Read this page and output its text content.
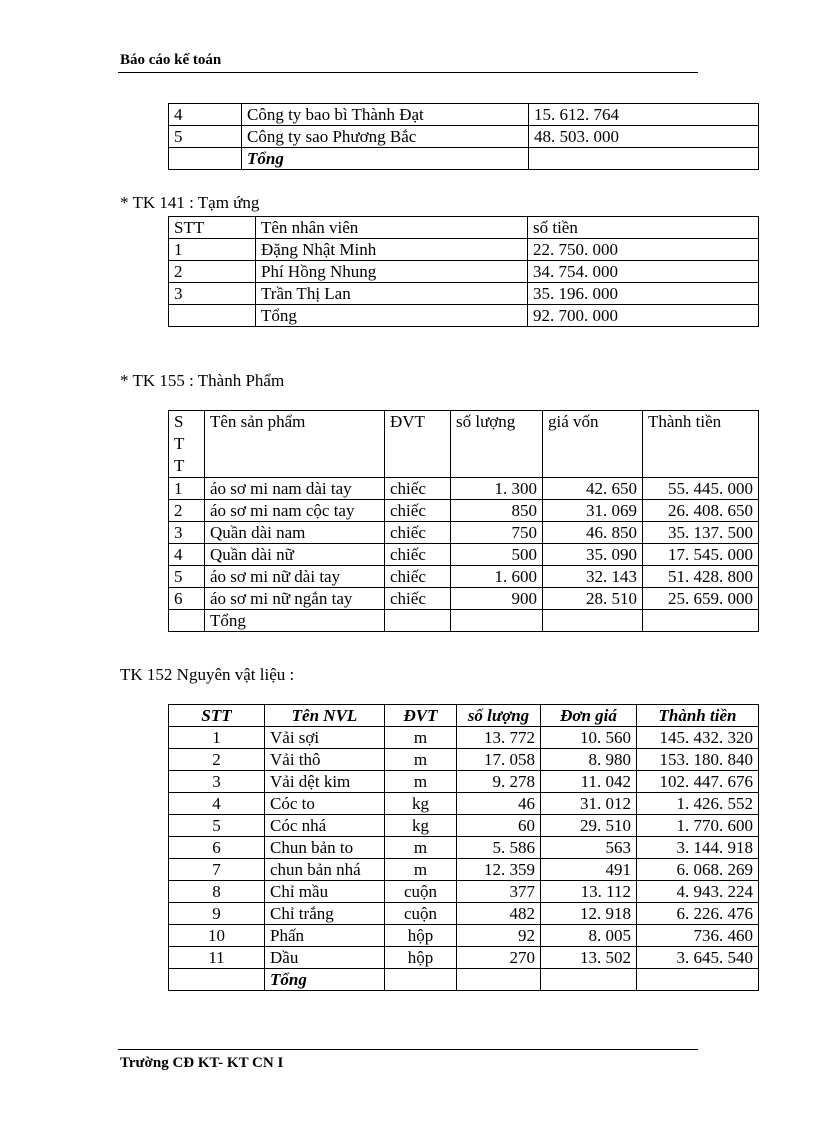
Báo cáo kế toán
4	Công ty bao bì Thành Đạt	15. 612. 764
5	Công ty sao Phương Bắc	48. 503. 000
	Tổng	
* TK 141 : Tạm ứng
STT	Tên nhân viên	số tiền
1	Đặng Nhật Minh	22. 750. 000
2	Phí Hồng Nhung	34. 754. 000
3	Trần Thị Lan	35. 196. 000
	Tổng	92. 700. 000
* TK 155 : Thành Phẩm
S
T
T	Tên sản phẩm	ĐVT	số lượng	giá vốn	Thành tiền
1	áo sơ mi nam dài tay	chiếc	1. 300	42. 650	55. 445. 000
2	áo sơ mi nam cộc tay	chiếc	850	31. 069	26. 408. 650
3	Quần dài nam	chiếc	750	46. 850	35. 137. 500
4	Quần dài nữ	chiếc	500	35. 090	17. 545. 000
5	áo sơ mi nữ dài tay	chiếc	1. 600	32. 143	51. 428. 800
6	áo sơ mi nữ ngắn tay	chiếc	900	28. 510	25. 659. 000
	Tổng				
TK 152 Nguyên vật liệu :
STT	Tên NVL	ĐVT	số lượng	Đơn giá	Thành tiền
1	Vải sợi	m	13. 772	10. 560	145. 432. 320
2	Vải thô	m	17. 058	8. 980	153. 180. 840
3	Vải dệt kim	m	9. 278	11. 042	102. 447. 676
4	Cóc to	kg	46	31. 012	1. 426. 552
5	Cóc nhá	kg	60	29. 510	1. 770. 600
6	Chun bản to	m	5. 586	563	3. 144. 918
7	chun bản nhá	m	12. 359	491	6. 068. 269
8	Chỉ mầu	cuộn	377	13. 112	4. 943. 224
9	Chỉ trắng	cuộn	482	12. 918	6. 226. 476
10	Phấn	hộp	92	8. 005	736. 460
11	Dầu	hộp	270	13. 502	3. 645. 540
	Tổng				
Trường CĐ KT- KT CN I
